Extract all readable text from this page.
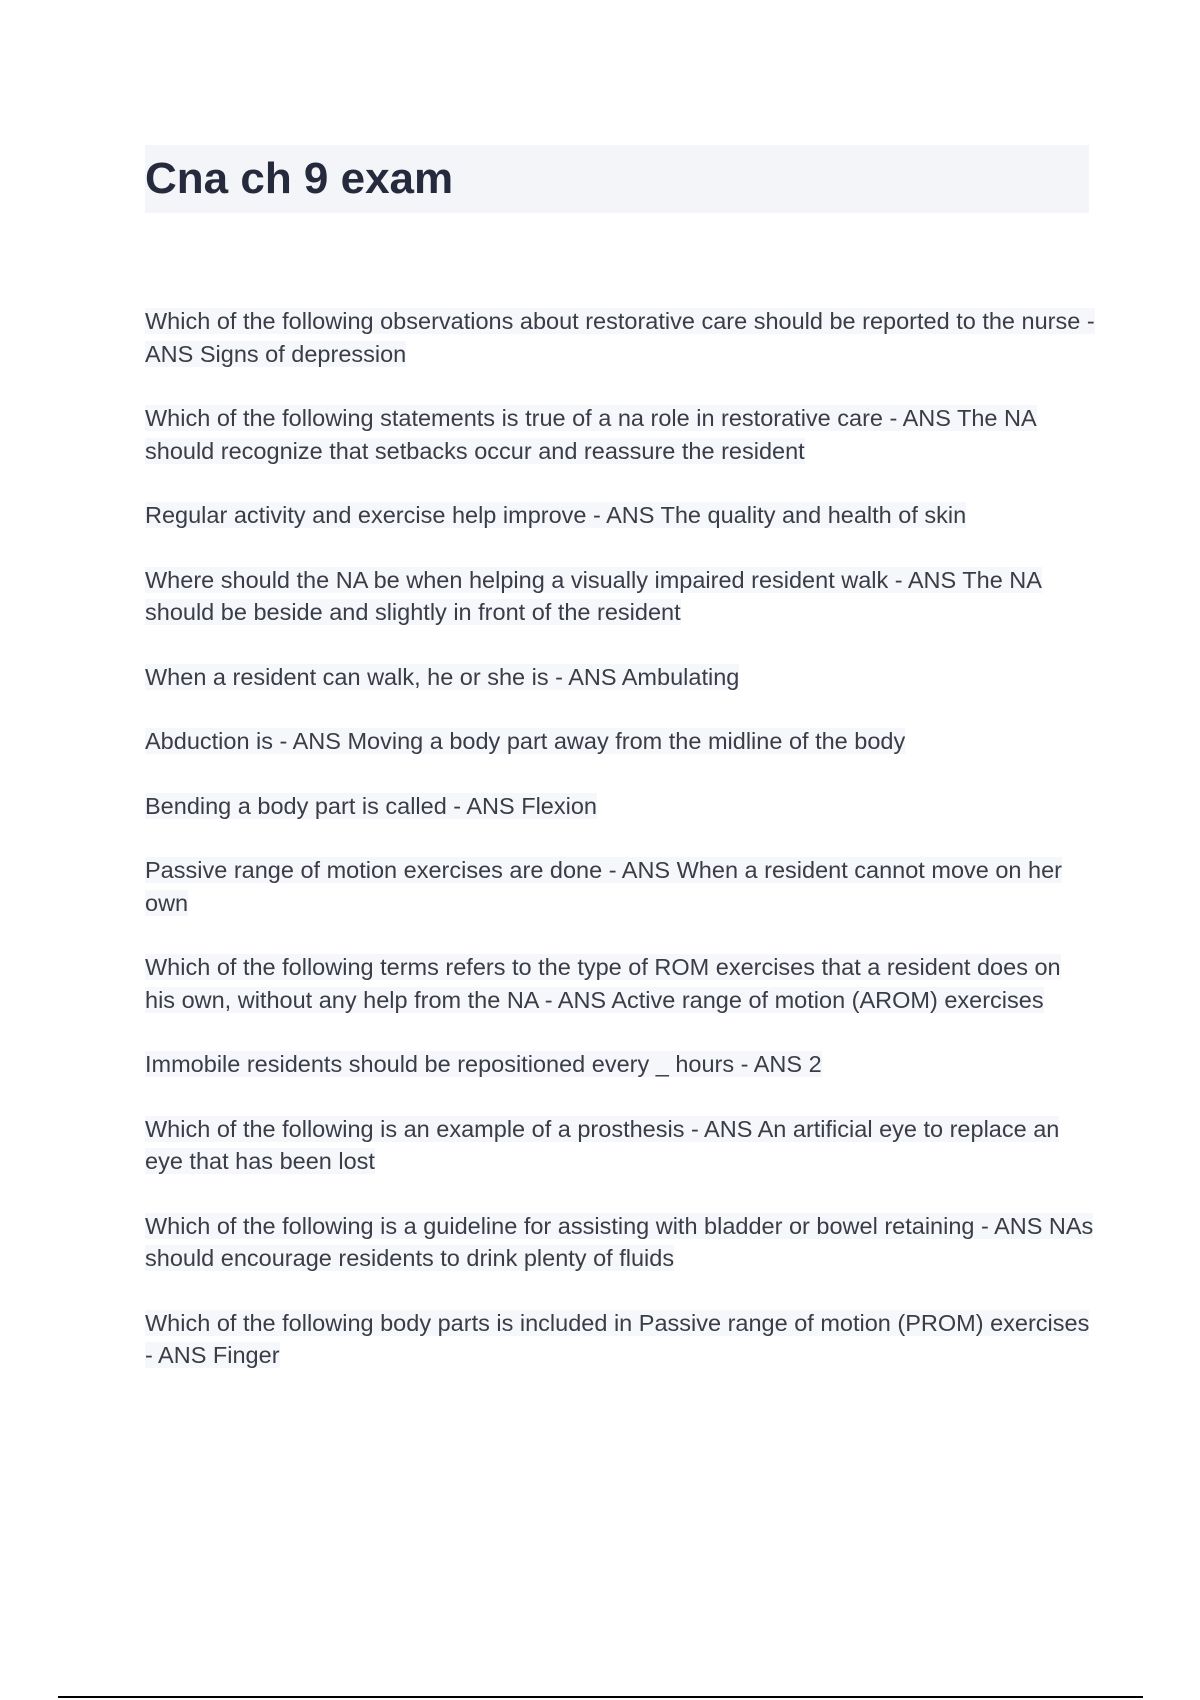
Cna ch 9 exam

Which of the following observations about restorative care should be reported to the nurse - ANS Signs of depression

Which of the following statements is true of a na role in restorative care - ANS The NA should recognize that setbacks occur and reassure the resident

Regular activity and exercise help improve - ANS The quality and health of skin

Where should the NA be when helping a visually impaired resident walk - ANS The NA should be beside and slightly in front of the resident

When a resident can walk, he or she is - ANS Ambulating

Abduction is - ANS Moving a body part away from the midline of the body

Bending a body part is called - ANS Flexion

Passive range of motion exercises are done - ANS When a resident cannot move on her own

Which of the following terms refers to the type of ROM exercises that a resident does on his own, without any help from the NA - ANS Active range of motion (AROM) exercises

Immobile residents should be repositioned every _ hours - ANS 2

Which of the following is an example of a prosthesis - ANS An artificial eye to replace an eye that has been lost

Which of the following is a guideline for assisting with bladder or bowel retaining - ANS NAs should encourage residents to drink plenty of fluids

Which of the following body parts is included in Passive range of motion (PROM) exercises - ANS Finger
